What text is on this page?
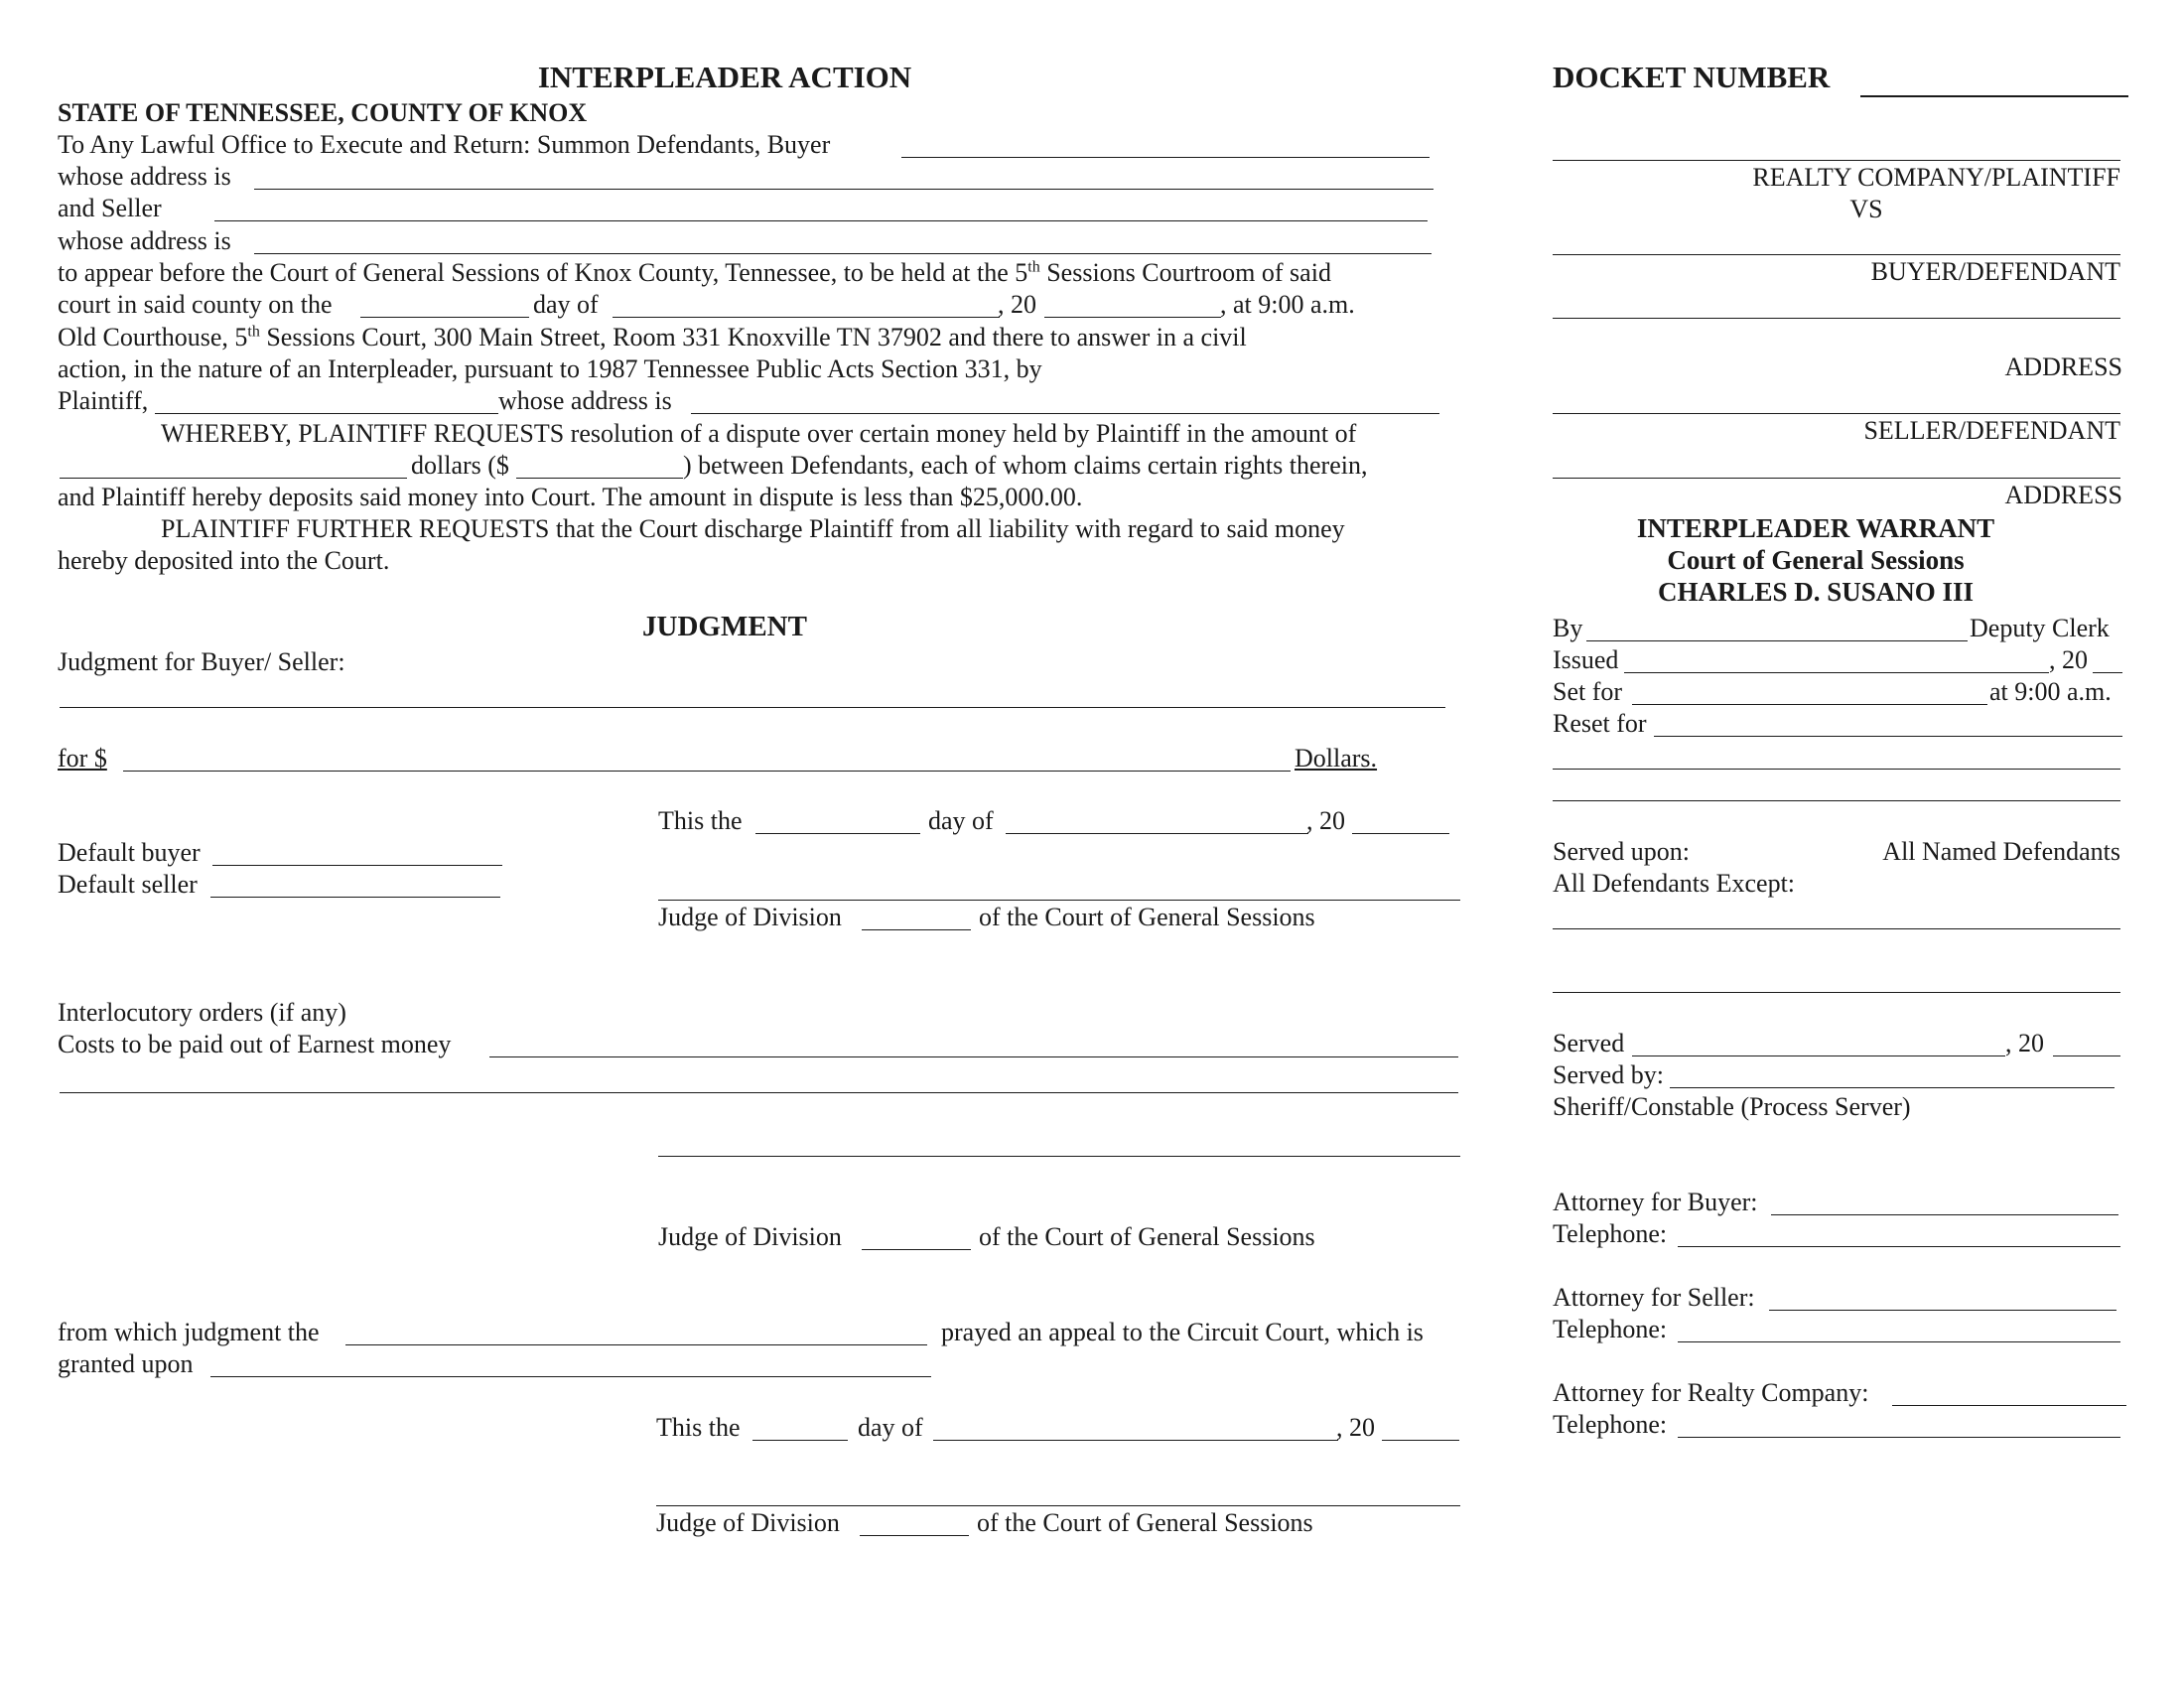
INTERPLEADER ACTION
STATE OF TENNESSEE, COUNTY OF KNOX
To Any Lawful Office to Execute and Return: Summon Defendants, Buyer
whose address is
and Seller
whose address is
to appear before the Court of General Sessions of Knox County, Tennessee, to be held at the 5th Sessions Courtroom of said
court in said county on the	day of	, 20	, at 9:00 a.m.
Old Courthouse, 5th Sessions Court, 300 Main Street, Room 331 Knoxville TN 37902 and there to answer in a civil
action, in the nature of an Interpleader, pursuant to 1987 Tennessee Public Acts Section 331, by
Plaintiff,	whose address is
WHEREBY, PLAINTIFF REQUESTS resolution of a dispute over certain money held by Plaintiff in the amount of
dollars ($	) between Defendants, each of whom claims certain rights therein,
and Plaintiff hereby deposits said money into Court. The amount in dispute is less than $25,000.00.
PLAINTIFF FURTHER REQUESTS that the Court discharge Plaintiff from all liability with regard to said money
hereby deposited into the Court.
JUDGMENT
Judgment for Buyer/ Seller:
for $	Dollars.
This the	day of	, 20
Default buyer
Default seller
Judge of Division	of the Court of General Sessions
Interlocutory orders (if any)
Costs to be paid out of Earnest money
Judge of Division	of the Court of General Sessions
from which judgment the	prayed an appeal to the Circuit Court, which is
granted upon
This the	day of	, 20
Judge of Division	of the Court of General Sessions
DOCKET NUMBER
REALTY COMPANY/PLAINTIFF
VS
BUYER/DEFENDANT
ADDRESS
SELLER/DEFENDANT
ADDRESS
INTERPLEADER WARRANT
Court of General Sessions
CHARLES D. SUSANO III
By	Deputy Clerk
Issued	, 20
Set for	at 9:00 a.m.
Reset for
Served upon:	All Named Defendants
All Defendants Except:
Served	, 20
Served by:
Sheriff/Constable (Process Server)
Attorney for Buyer:
Telephone:
Attorney for Seller:
Telephone:
Attorney for Realty Company:
Telephone:
